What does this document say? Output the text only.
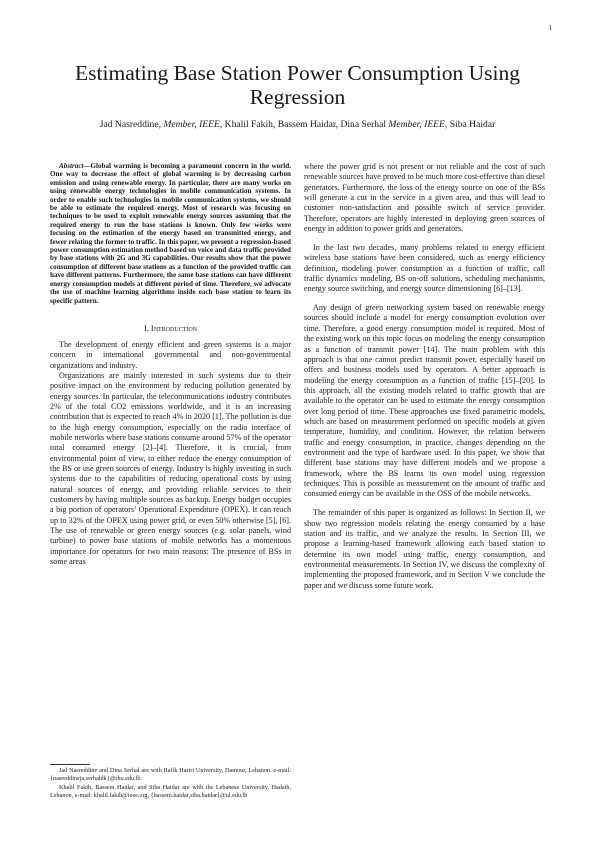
1
Estimating Base Station Power Consumption Using Regression

Jad Nasreddine, Member, IEEE, Khalil Fakih, Bassem Haidar, Dina Serhal Member, IEEE, Siba Haidar

Abstract—Global warming is becoming a paramount concern in the world. One way to decrease the effect of global warming is by decreasing carbon emission and using renewable energy. In particular, there are many works on using renewable energy technologies in mobile communication systems. In order to enable such technologies in mobile communication systems, we should be able to estimate the required energy. Most of research was focusing on techniques to be used to exploit renewable energy sources assuming that the required energy to run the base stations is known. Only few works were focusing on the estimation of the energy based on transmitted energy, and fewer relating the former to traffic. In this paper, we present a regression-based power consumption estimation method based on voice and data traffic provided by base stations with 2G and 3G capabilities. Our results show that the power consumption of different base stations as a function of the provided traffic can have different patterns. Furthermore, the same base stations can have different energy consumption models at different period of time. Therefore, we advocate the use of machine learning algorithms inside each base station to learn its specific pattern.

I. Introduction

The development of energy efficient and green systems is a major concern in international governmental and non-governmental organizations and industry.

Organizations are mainly interested in such systems due to their positive impact on the environment by reducing pollution generated by energy sources. In particular, the telecommunications industry contributes 2% of the total CO2 emissions worldwide, and it is an increasing contribution that is expected to reach 4% in 2020 [1]. The pollution is due to the high energy consumption, especially on the radio interface of mobile networks where base stations consume around 57% of the operator total consumed energy [2]–[4]. Therefore, it is crucial, from environmental point of view, to either reduce the energy consumption of the BS or use green sources of energy. Industry is highly investing in such systems due to the capabilities of reducing operational costs by using natural sources of energy, and providing reliable services to their customers by having multiple sources as backup. Energy budget occupies a big portion of operators’ Operational Expenditure (OPEX). It can reach up to 32% of the OPEX using power grid, or even 50% otherwise [5], [6]. The use of renewable or green energy sources (e.g. solar panels, wind turbine) to power base stations of mobile networks has a momentous importance for operators for two main reasons: The presence of BSs in some areas

Jad Nasreddine and Dina Serhal are with Rafik Hariri University, Damour, Lebanon. e-mail: {nasreddineja,serhaldk}@rhu.edu.lb.

Khalil Fakih, Bassem Haidar, and Siba Haidar are with the Lebanese University, Hadath, Lebanon, e-mail: khalil.fakih@ieee.org, {bassem.haidar,siba.haidar}@ul.edu.lb

where the power grid is not present or not reliable and the cost of such renewable sources have proved to be much more cost-effective than diesel generators. Furthermore, the loss of the energy source on one of the BSs will generate a cut in the service in a given area, and thus will lead to customer non-satisfaction and possible switch of service provider. Therefore, operators are highly interested in deploying green sources of energy in addition to power grids and generators.

In the last two decades, many problems related to energy efficient wireless base stations have been considered, such as energy efficiency definition, modeling power consumption as a function of traffic, call traffic dynamics modeling, BS on-off solutions, scheduling mechanisms, energy source switching, and energy source dimensioning [6]–[13].

Any design of green networking system based on renewable energy sources should include a model for energy consumption evolution over time. Therefore, a good energy consumption model is required. Most of the existing work on this topic focus on modeling the energy consumption as a function of transmit power [14]. The main problem with this approach is that one cannot predict transmit power, especially based on offers and business models used by operators. A better approach is modeling the energy consumption as a function of traffic [15]–[20]. In this approach, all the existing models related to traffic growth that are available to the operator can be used to estimate the energy consumption over long period of time. These approaches use fixed parametric models, which are based on measurement performed on specific models at given temperature, humidity, and condition. However, the relation between traffic and energy consumption, in practice, changes depending on the environment and the type of hardware used. In this paper, we show that different base stations may have different models and we propose a framework, where the BS learns its own model using regression techniques. This is possible as measurement on the amount of traffic and consumed energy can be available in the OSS of the mobile networks.

The remainder of this paper is organized as follows: In Section II, we show two regression models relating the energy consumed by a base station and its traffic, and we analyze the results. In Section III, we propose a learning-based framework allowing each based station to determine its own model using traffic, energy consumption, and environmental measurements. In Section IV, we discuss the complexity of implementing the proposed framework, and in Section V we conclude the paper and we discuss some future work.
